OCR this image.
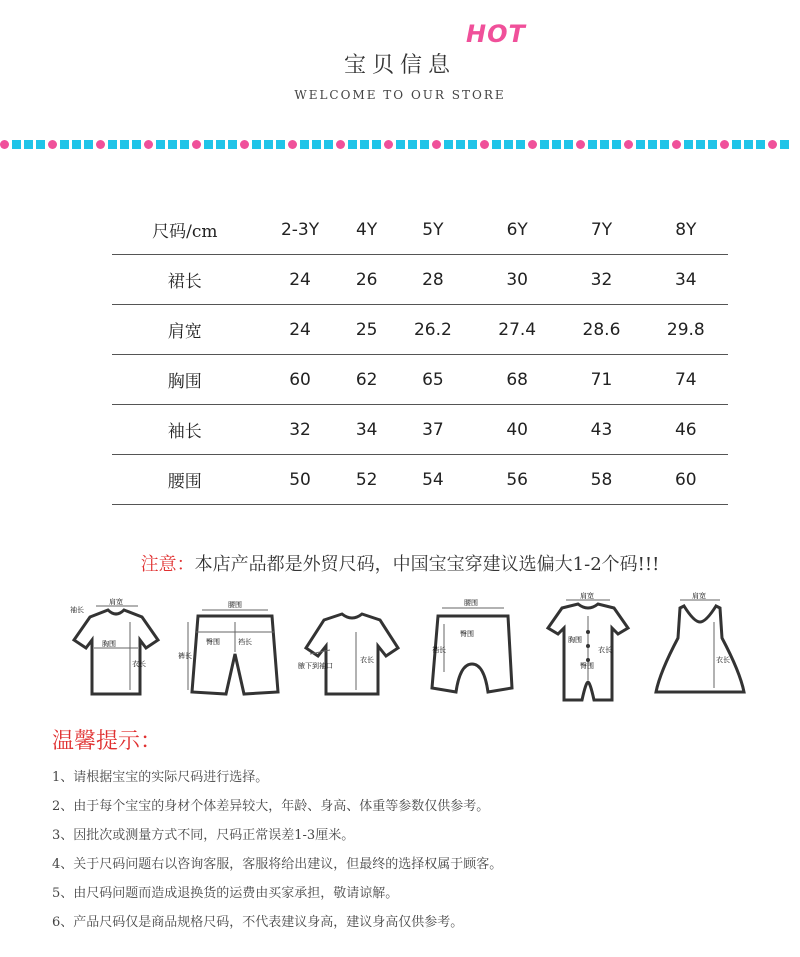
HOT
宝贝信息
WELCOME TO OUR STORE
尺码/cm	2-3Y	4Y	5Y	6Y	7Y	8Y
裙长	24	26	28	30	32	34
肩宽	24	25	26.2	27.4	28.6	29.8
胸围	60	62	65	68	71	74
袖长	32	34	37	40	43	46
腰围	50	52	54	56	58	60
注意：本店产品都是外贸尺码，中国宝宝穿建议选偏大1-2个码!!!
肩宽
袖长
胸围
衣长
腰围
臀围	裆长
裤长	衣长
腋下到袖口
腰围
臀围
裆长
肩宽
胸围
臀围
衣长
肩宽
衣长
温馨提示：
1、请根据宝宝的实际尺码进行选择。
2、由于每个宝宝的身材个体差异较大，年龄、身高、体重等参数仅供参考。
3、因批次或测量方式不同，尺码正常误差1-3厘米。
4、关于尺码问题右以咨询客服，客服将给出建议，但最终的选择权属于顾客。
5、由尺码问题而造成退换货的运费由买家承担，敬请谅解。
6、产品尺码仅是商品规格尺码，不代表建议身高，建议身高仅供参考。
